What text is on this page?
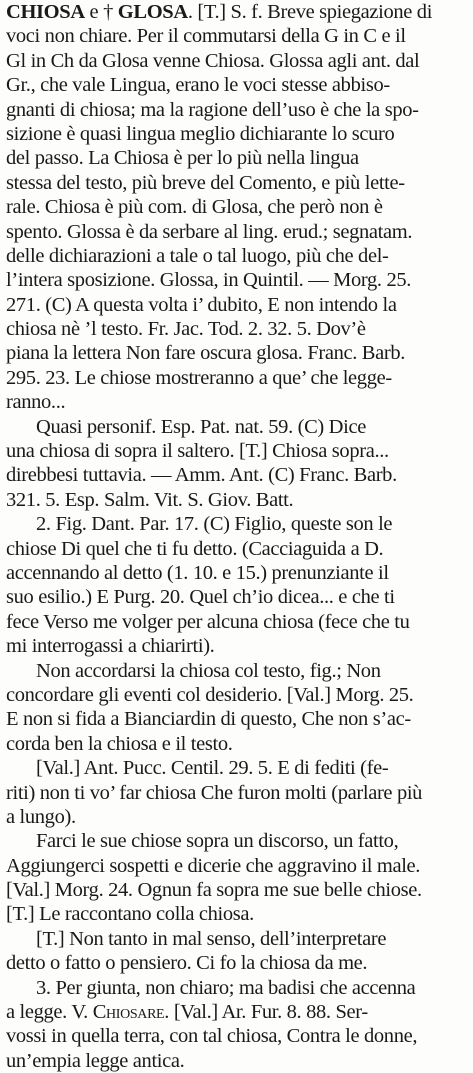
CHIOSA e † GLOSA. [T.] S. f. Breve spiegazione di
voci non chiare. Per il commutarsi della G in C e il
Gl in Ch da Glosa venne Chiosa. Glossa agli ant. dal
Gr., che vale Lingua, erano le voci stesse abbiso-
gnanti di chiosa; ma la ragione dell’uso è che la spo-
sizione è quasi lingua meglio dichiarante lo scuro
del passo. La Chiosa è per lo più nella lingua
stessa del testo, più breve del Comento, e più lette-
rale. Chiosa è più com. di Glosa, che però non è
spento. Glossa è da serbare al ling. erud.; segnatam.
delle dichiarazioni a tale o tal luogo, più che del-
l’intera sposizione. Glossa, in Quintil. — Morg. 25.
271. (C) A questa volta i’ dubito, E non intendo la
chiosa nè ’l testo. Fr. Jac. Tod. 2. 32. 5. Dov’è
piana la lettera Non fare oscura glosa. Franc. Barb.
295. 23. Le chiose mostreranno a que’ che legge-
ranno...
Quasi personif. Esp. Pat. nat. 59. (C) Dice
una chiosa di sopra il saltero. [T.] Chiosa sopra...
direbbesi tuttavia. — Amm. Ant. (C) Franc. Barb.
321. 5. Esp. Salm. Vit. S. Giov. Batt.
2. Fig. Dant. Par. 17. (C) Figlio, queste son le
chiose Di quel che ti fu detto. (Cacciaguida a D.
accennando al detto (1. 10. e 15.) prenunziante il
suo esilio.) E Purg. 20. Quel ch’io dicea... e che ti
fece Verso me volger per alcuna chiosa (fece che tu
mi interrogassi a chiarirti).
Non accordarsi la chiosa col testo, fig.; Non
concordare gli eventi col desiderio. [Val.] Morg. 25.
E non si fida a Bianciardin di questo, Che non s’ac-
corda ben la chiosa e il testo.
[Val.] Ant. Pucc. Centil. 29. 5. E di fediti (fe-
riti) non ti vo’ far chiosa Che furon molti (parlare più
a lungo).
Farci le sue chiose sopra un discorso, un fatto,
Aggiungerci sospetti e dicerie che aggravino il male.
[Val.] Morg. 24. Ognun fa sopra me sue belle chiose.
[T.] Le raccontano colla chiosa.
[T.] Non tanto in mal senso, dell’interpretare
detto o fatto o pensiero. Ci fo la chiosa da me.
3. Per giunta, non chiaro; ma badisi che accenna
a legge. V. Chiosare. [Val.] Ar. Fur. 8. 88. Ser-
vossi in quella terra, con tal chiosa, Contra le donne,
un’empia legge antica.
